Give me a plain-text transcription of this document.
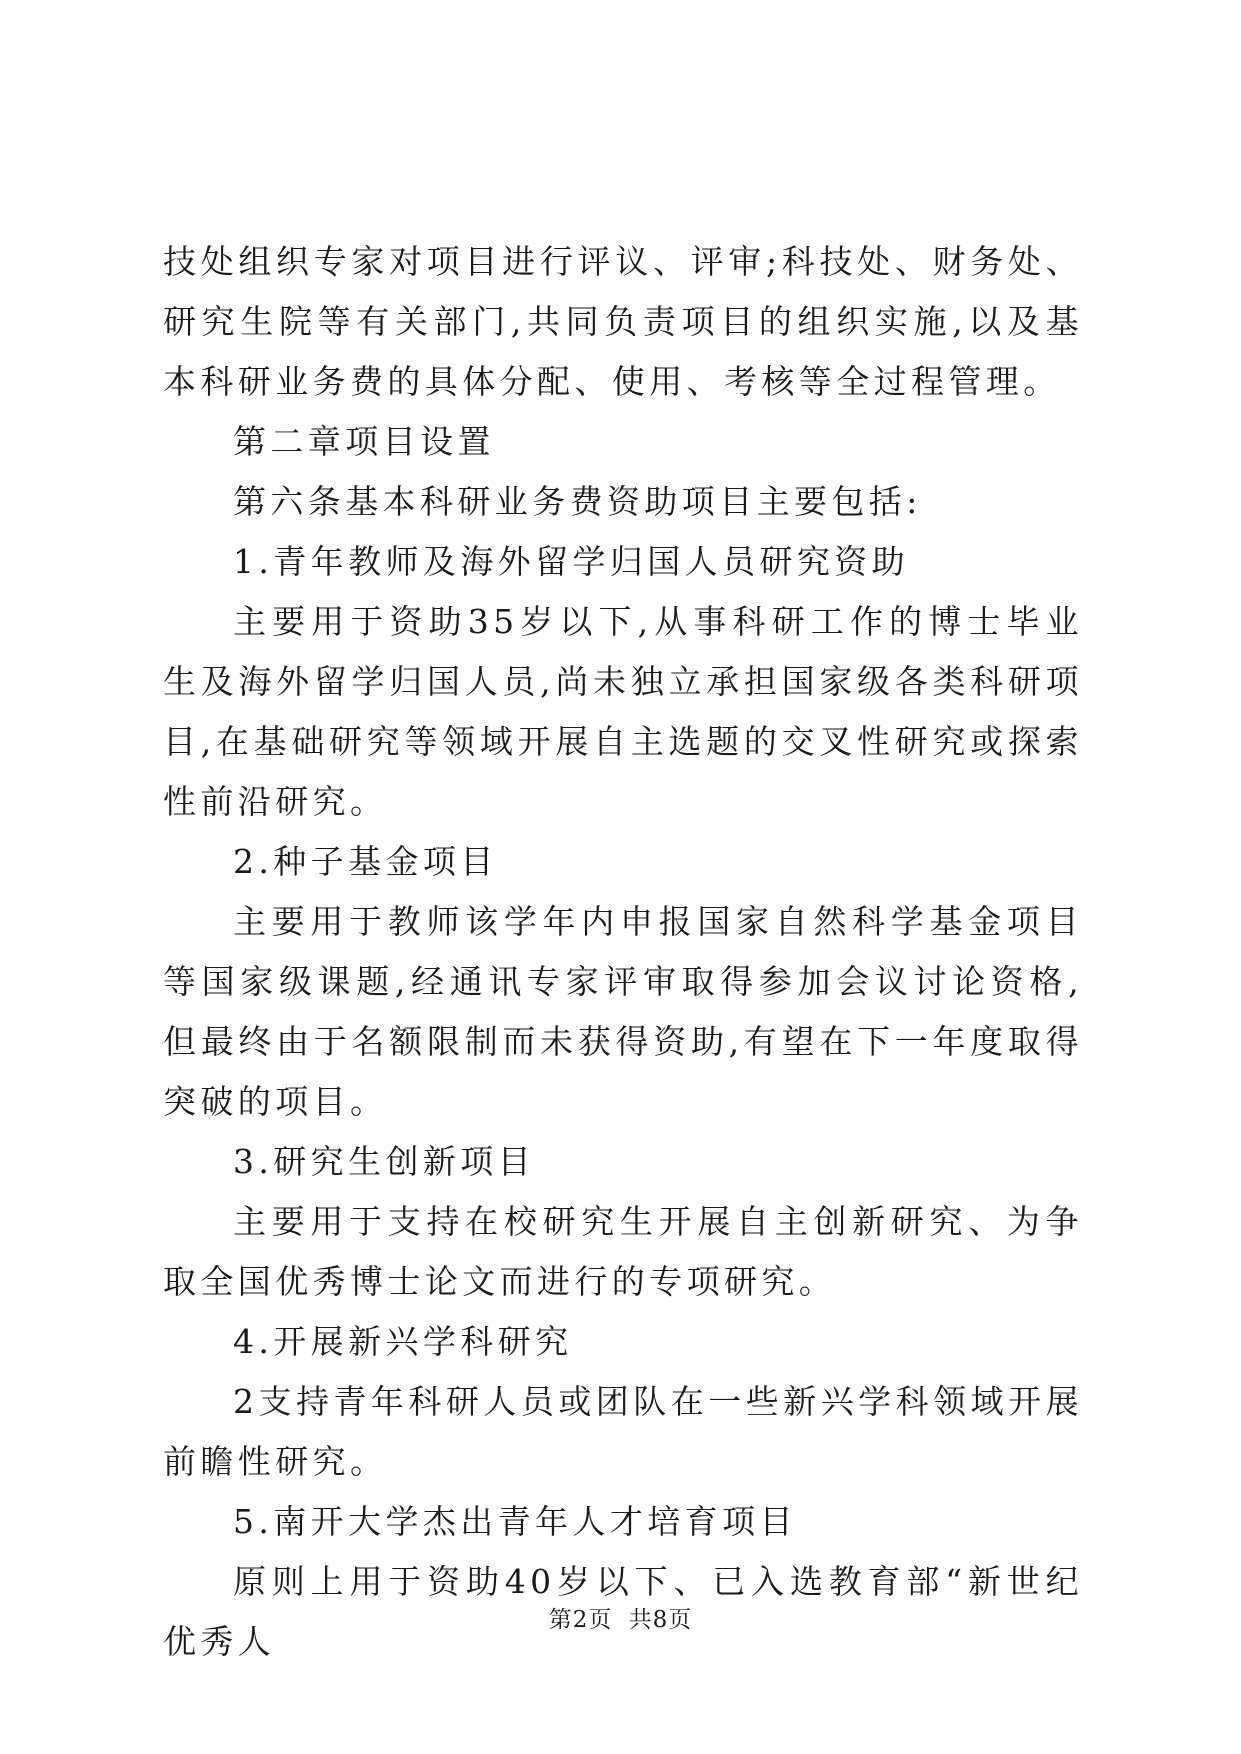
技处组织专家对项目进行评议、评审;科技处、财务处、研究生院等有关部门,共同负责项目的组织实施,以及基本科研业务费的具体分配、使用、考核等全过程管理。

第二章项目设置

第六条基本科研业务费资助项目主要包括:

1.青年教师及海外留学归国人员研究资助

主要用于资助35岁以下,从事科研工作的博士毕业生及海外留学归国人员,尚未独立承担国家级各类科研项目,在基础研究等领域开展自主选题的交叉性研究或探索性前沿研究。

2.种子基金项目

主要用于教师该学年内申报国家自然科学基金项目等国家级课题,经通讯专家评审取得参加会议讨论资格,但最终由于名额限制而未获得资助,有望在下一年度取得突破的项目。

3.研究生创新项目

主要用于支持在校研究生开展自主创新研究、为争取全国优秀博士论文而进行的专项研究。

4.开展新兴学科研究

2支持青年科研人员或团队在一些新兴学科领域开展前瞻性研究。

5.南开大学杰出青年人才培育项目

原则上用于资助40岁以下、已入选教育部“新世纪优秀人

第2页 共8页
